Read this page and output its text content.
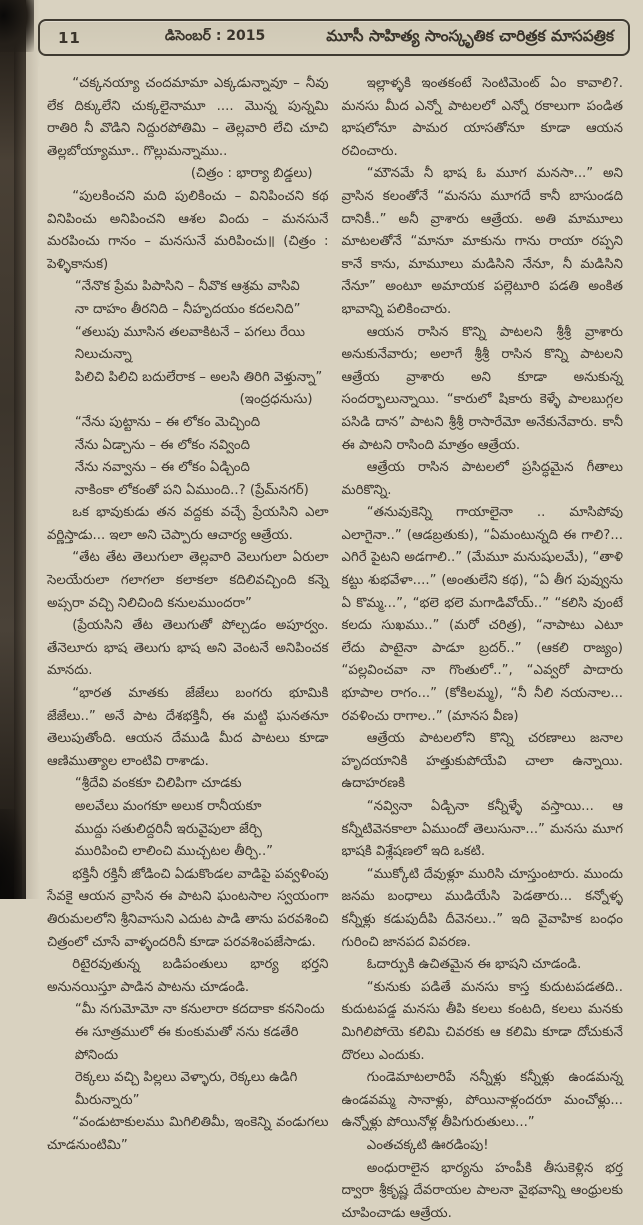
11	డిసెంబర్ : 2015	మూసీ సాహిత్య సాంస్కృతిక చారిత్రక మాసపత్రిక
“చక్కనయ్యా చందమామా ఎక్కడున్నావూ – నీవు లేక దిక్కులేని చుక్కలైనామూ .... మొన్న పున్నమి రాతిరి నీ వొడిని నిద్దురపోతిమి – తెల్లవారి లేచి చూచి తెల్లబోయ్యామూ.. గొల్లుమన్నాము..
(చిత్రం : భార్యా బిడ్డలు)
“పులకించని మది పులికించు – వినిపించని కథ వినిపించు అనిపించని ఆశల విందు – మనసునే మరపించు గానం – మనసునే మరిపించు॥ (చిత్రం : పెళ్ళికానుక)
“నేనొక ప్రేమ పిపాసిని – నీవొక ఆశ్రమ వాసివి
నా దాహం తీరనిది – నీహృదయం కదలనిది”
“తలుపు మూసిన తలవాకిటనే – పగలు రేయి నిలుచున్నా
పిలిచి పిలిచి బదులేరాక – అలసి తిరిగి వెళ్తున్నా”
(ఇంద్రధనుసు)
“నేను పుట్టాను – ఈ లోకం మెచ్చింది
నేను ఏడ్చాను – ఈ లోకం నవ్వింది
నేను నవ్వాను – ఈ లోకం ఏడ్చింది
నాకింకా లోకంతో పని ఏముంది..? (ప్రేమ్‌నగర్)
ఒక భావుకుడు తన వద్దకు వచ్చే ప్రేయసిని ఎలా వర్ణిస్తాడు... ఇలా అని చెప్పారు ఆచార్య ఆత్రేయ.
“తేట తేట తెలుగులా తెల్లవారి వెలుగులా ఏరులా సెలయేరులా గలాగలా కలాకలా కదిలివచ్చింది కన్నె అప్సరా వచ్చి నిలిచింది కనులముందరా”
(ప్రేయసిని తేట తెలుగుతో పోల్చడం అపూర్వం. తేనెలూరు భాష తెలుగు భాష అని వెంటనే అనిపించక మానదు.
“భారత మాతకు జేజేలు బంగరు భూమికి జేజేలు..” అనే పాట దేశభక్తినీ, ఈ మట్టి ఘనతనూ తెలుపుతోంది. ఆయన దేముడి మీద పాటలు కూడా ఆణిముత్యాల లాంటివి రాశాడు.
“శ్రీదేవి వంకకూ చిలిపిగా చూడకు
అలవేలు మంగకూ అలుక రానీయకూ
ముద్దు సతులిద్దరినీ ఇరువైపులా జేర్చి
మురిపించి లాలించి ముచ్చటల తీర్చి..”
భక్తినీ రక్తినీ జోడించి ఏడుకొండల వాడిపై పవ్వళింపు సేవకై ఆయన వ్రాసిన ఈ పాటని ఘంటసాల స్వయంగా తిరుమలలోని శ్రీనివాసుని ఎదుట పాడి తాను పరవశించి చిత్రంలో చూసే వాళ్ళందరినీ కూడా పరవశింపజేసాడు.
రిటైరవుతున్న బడిపంతులు భార్య భర్తని అనునయిస్తూ పాడిన పాటను చూడండి.
“మీ నగుమోమో నా కనులారా కదదాకా కననిందు
ఈ సూత్రములో ఈ కుంకుమతో నను కడతేరి పోనిందు
రెక్కలు వచ్చి పిల్లలు వెళ్ళారు, రెక్కలు ఉడిగి మీరున్నారు”
“వండుటాకులము మిగిలితిమీ, ఇంకెన్ని వండుగలు చూడనుంటిమి”
ఇల్లాళ్ళకి ఇంతకంటే సెంటిమెంట్ ఏం కావాలి?. మనసు మీద ఎన్నో పాటలలో ఎన్నో రకాలుగా పండిత భాషలోనూ పామర యాసతోనూ కూడా ఆయన రచించారు.
“మౌనమే నీ భాష ఓ మూగ మనసా...” అని వ్రాసిన కలంతోనే “మనసు మూగదే కానీ బాసుండది దానికీ..” అనీ వ్రాశారు ఆత్రేయ. అతి మామూలు మాటలతోనే “మానూ మాకును గాను రాయా రప్పని కానే కాను, మామూలు మడిసిని నేనూ, నీ మడిసిని నేనూ” అంటూ అమాయక పల్లెటూరి పడతి అంకిత భావాన్ని పలికించారు.
ఆయన రాసిన కొన్ని పాటలని శ్రీశ్రీ వ్రాశారు అనుకునేవారు; అలాగే శ్రీశ్రీ రాసిన కొన్ని పాటలని ఆత్రేయ వ్రాశారు అని కూడా అనుకున్న సందర్భాలున్నాయి. “కారులో షికారు కెళ్ళే పాలబుగ్గల పసిడి దాన” పాటని శ్రీశ్రీ రాసారేమో అనేకునేవారు. కానీ ఈ పాటని రాసింది మాత్రం ఆత్రేయ.
ఆత్రేయ రాసిన పాటలలో ప్రసిద్ధమైన గీతాలు మరికొన్ని.
“తనువుకెన్ని గాయాలైనా .. మాసిపోవు ఎలాగైనా..” (ఆడబ్రతుకు), “ఏమంటున్నది ఈ గాలి?... ఎగిరే పైటని అడగాలి..” (మేమూ మనుషులమే), “తాళి కట్టు శుభవేళా....” (అంతులేని కథ), “ఏ తీగ పువ్వును ఏ కొమ్మ...”, “భలె భలె మగాడివోయ్..” “కలిసి వుంటే కలదు సుఖము..” (మరో చరిత్ర), “నాపాటు ఎటూ లేదు పాటైనా పాడూ బ్రదర్..” (ఆకలి రాజ్యం) “పల్లవించవా నా గొంతులో..”, “ఎవ్వరో పాదారు భూపాల రాగం...” (కోకిలమ్మ), “నీ నీలి నయనాల... రవళించు రాగాల..” (మానస వీణ)
ఆత్రేయ పాటలలోని కొన్ని చరణాలు జనాల హృదయానికి హత్తుకుపోయేవి చాలా ఉన్నాయి. ఉదాహరణకి
“నవ్వినా ఏడ్చినా కన్నీళ్ళే వస్తాయి... ఆ కన్నీటివెనకాలా ఏముందో తెలుసునా...” మనసు మూగ భాషకి విశ్లేషణలో ఇది ఒకటి.
“ముక్కోటి దేవుళ్లూ మురిసి చూస్తుంటారు. ముందు జనమ బంధాలు ముడియేసి పెడతారు... కన్నోళ్ళ కన్నీళ్లు కడుపుదీపి దీవెనలు..” ఇది వైవాహిక బంధం గురించి జానపద వివరణ.
ఓదార్పుకి ఉచితమైన ఈ భాషని చూడండి.
“కునుకు పడితే మనసు కాస్త కుదుటపడతది.. కుదుటపడ్డ మనసు తీపి కలలు కంటది, కలలు మనకు మిగిలిపోయె కలిమి చివరకు ఆ కలిమి కూడా దోచుకునే దొరలు ఎందుకు.
గుండెమాటలారిపే నన్నీళ్లు కన్నీళ్లు ఉండమన్న ఉండవమ్మ సానాళ్లు, పోయినాళ్లందరూ మంచోళ్లు... ఉన్నోళ్లు పోయినోళ్ల తీపిగురుతులు...”
ఎంతచక్కటి ఊరడింపు!
అంధురాలైన భార్యను హంపీకి తీసుకెళ్లిన భర్త ద్వారా శ్రీకృష్ణ దేవరాయల పాలనా వైభవాన్ని ఆంధ్రులకు చూపించాడు ఆత్రేయ.
